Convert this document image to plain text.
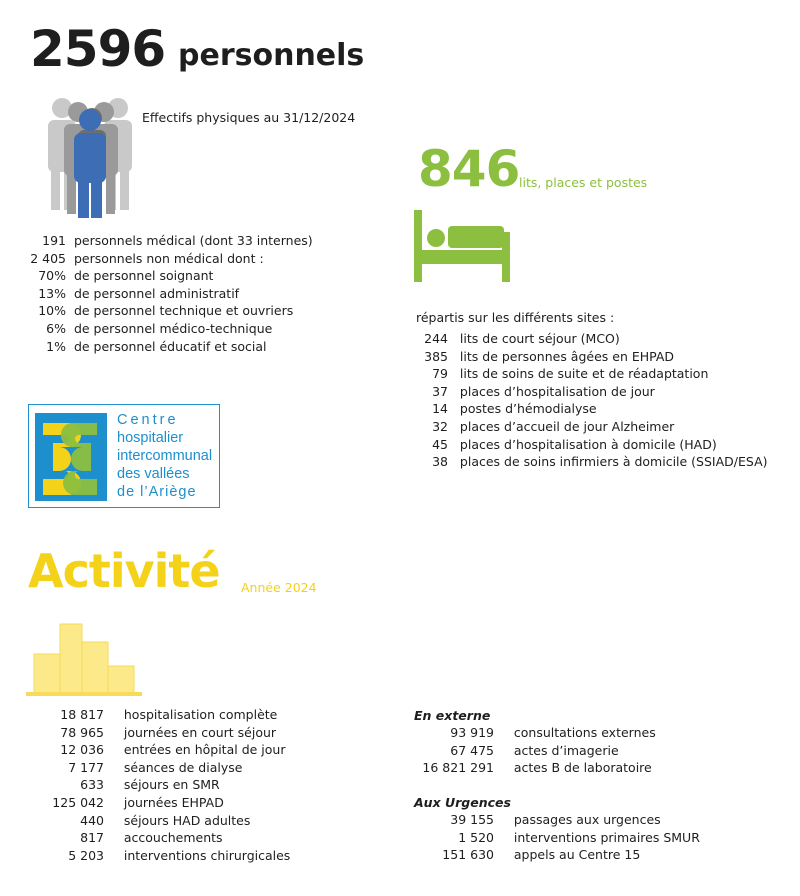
2596 personnels
Effectifs physiques au 31/12/2024
191 personnels médical (dont 33 internes)
2 405 personnels non médical dont :
70% de personnel soignant
13% de personnel administratif
10% de personnel technique et ouvriers
6% de personnel médico-technique
1% de personnel éducatif et social
846 lits, places et postes
répartis sur les différents sites :
244 lits de court séjour (MCO)
385 lits de personnes âgées en EHPAD
79 lits de soins de suite et de réadaptation
37 places d’hospitalisation de jour
14 postes d’hémodialyse
32 places d’accueil de jour Alzheimer
45 places d’hospitalisation à domicile (HAD)
38 places de soins infirmiers à domicile (SSIAD/ESA)
Centre
hospitalier
intercommunal
des vallées
de l’Ariège
Activité Année 2024
18 817 hospitalisation complète
78 965 journées en court séjour
12 036 entrées en hôpital de jour
7 177 séances de dialyse
633 séjours en SMR
125 042 journées EHPAD
440 séjours HAD adultes
817 accouchements
5 203 interventions chirurgicales
En externe
93 919 consultations externes
67 475 actes d’imagerie
16 821 291 actes B de laboratoire
Aux Urgences
39 155 passages aux urgences
1 520 interventions primaires SMUR
151 630 appels au Centre 15
